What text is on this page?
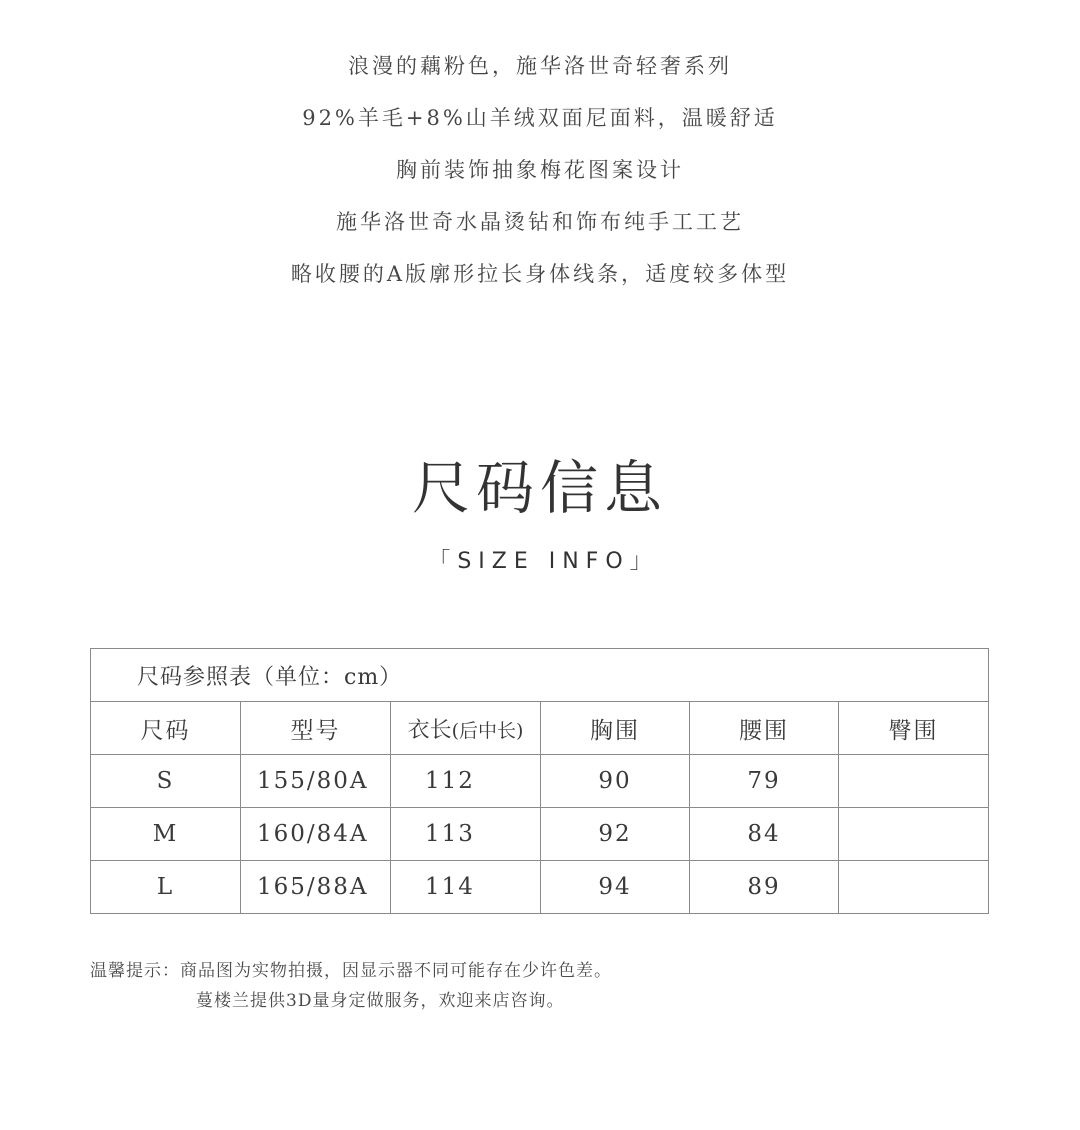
浪漫的藕粉色，施华洛世奇轻奢系列
92%羊毛+8%山羊绒双面尼面料，温暖舒适
胸前装饰抽象梅花图案设计
施华洛世奇水晶烫钻和饰布纯手工工艺
略收腰的A版廓形拉长身体线条，适度较多体型
尺码信息
「 S I Z E   I N F O 」
尺码参照表（单位：cm）					
尺码	型号	衣长(后中长)	胸围	腰围	臀围
S	155/80A	112	90	79	
M	160/84A	113	92	84	
L	165/88A	114	94	89	
温馨提示：商品图为实物拍摄，因显示器不同可能存在少许色差。
蔓楼兰提供3D量身定做服务，欢迎来店咨询。
